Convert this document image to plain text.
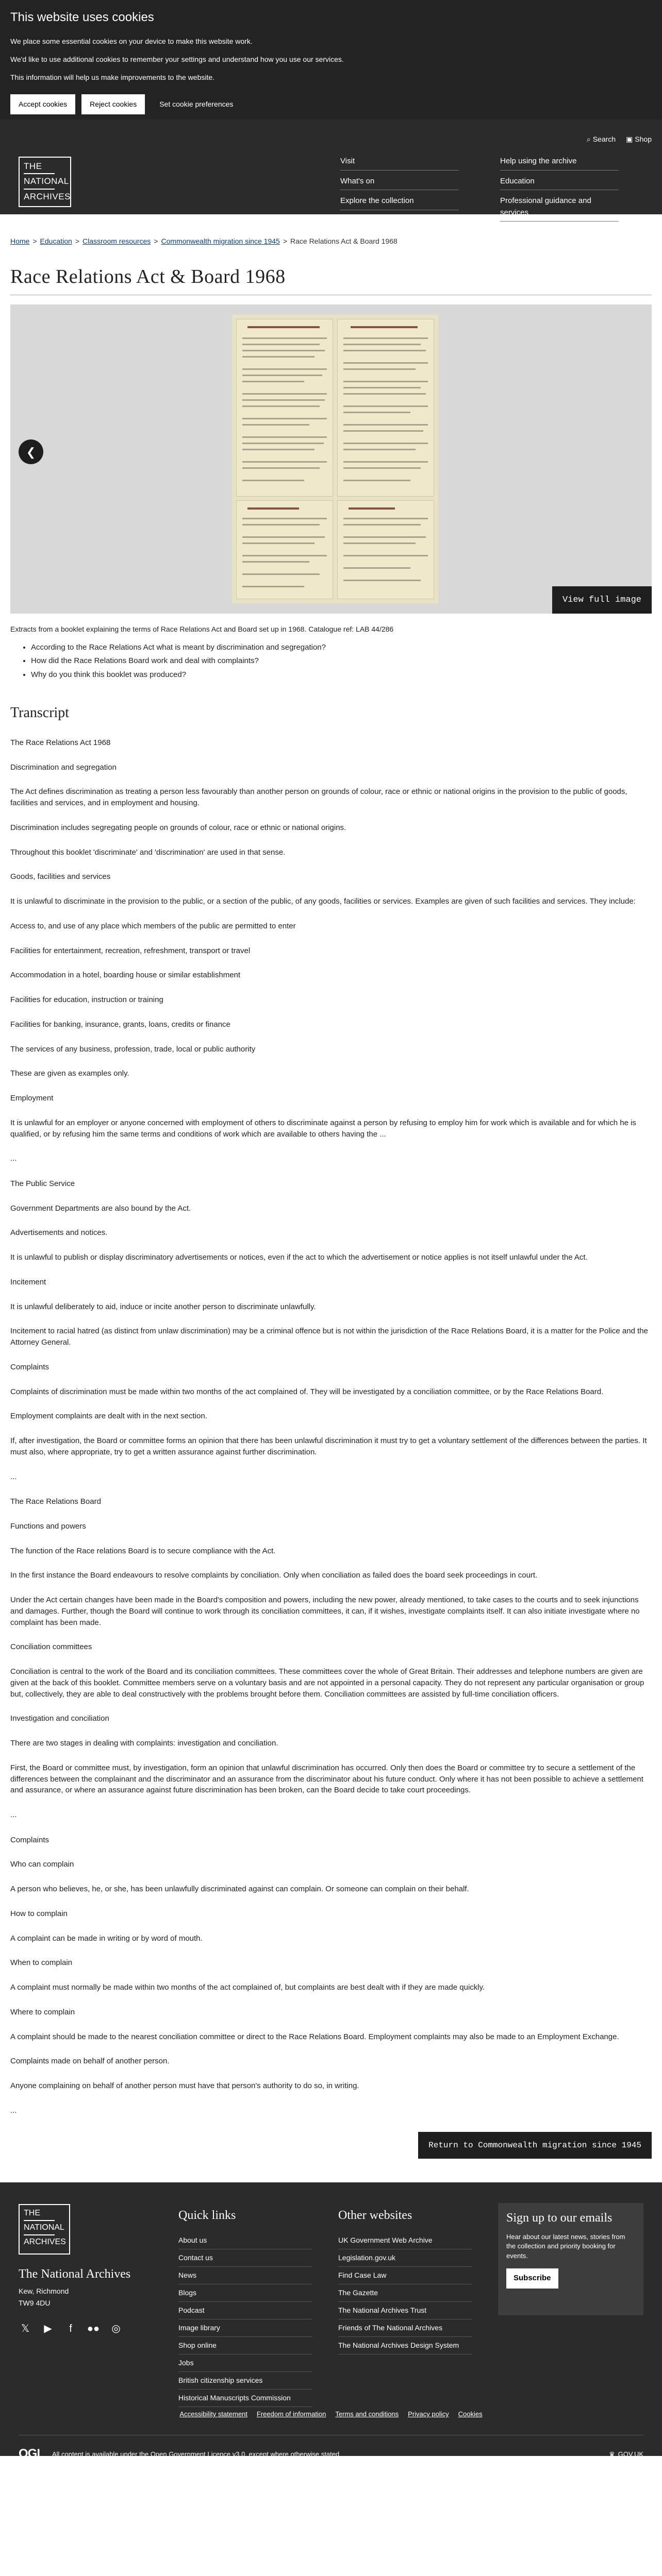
This website uses cookies

We place some essential cookies on your device to make this website work.

We'd like to use additional cookies to remember your settings and understand how you use our services.

This information will help us make improvements to the website.

Accept cookies	Reject cookies	Set cookie preferences
⌕ Search ▣ Shop
THE
NATIONAL
ARCHIVES
Visit
What's on
Explore the collection
Help using the archive
Education
Professional guidance and services
Home > Education > Classroom resources > Commonwealth migration since 1945 > Race Relations Act & Board 1968
Race Relations Act & Board 1968
❮
View full image

Extracts from a booklet explaining the terms of Race Relations Act and Board set up in 1968. Catalogue ref: LAB 44/286

• According to the Race Relations Act what is meant by discrimination and segregation?
• How did the Race Relations Board work and deal with complaints?
• Why do you think this booklet was produced?
Transcript

The Race Relations Act 1968

Discrimination and segregation

The Act defines discrimination as treating a person less favourably than another person on grounds of colour, race or ethnic or national origins in the provision to the public of goods, facilities and services, and in employment and housing.

Discrimination includes segregating people on grounds of colour, race or ethnic or national origins.

Throughout this booklet 'discriminate' and 'discrimination' are used in that sense.

Goods, facilities and services

It is unlawful to discriminate in the provision to the public, or a section of the public, of any goods, facilities or services. Examples are given of such facilities and services. They include:

Access to, and use of any place which members of the public are permitted to enter

Facilities for entertainment, recreation, refreshment, transport or travel

Accommodation in a hotel, boarding house or similar establishment

Facilities for education, instruction or training

Facilities for banking, insurance, grants, loans, credits or finance

The services of any business, profession, trade, local or public authority

These are given as examples only.

Employment

It is unlawful for an employer or anyone concerned with employment of others to discriminate against a person by refusing to employ him for work which is available and for which he is qualified, or by refusing him the same terms and conditions of work which are available to others having the ...

...

The Public Service

Government Departments are also bound by the Act.

Advertisements and notices.

It is unlawful to publish or display discriminatory advertisements or notices, even if the act to which the advertisement or notice applies is not itself unlawful under the Act.

Incitement

It is unlawful deliberately to aid, induce or incite another person to discriminate unlawfully.

Incitement to racial hatred (as distinct from unlaw discrimination) may be a criminal offence but is not within the jurisdiction of the Race Relations Board, it is a matter for the Police and the Attorney General.

Complaints

Complaints of discrimination must be made within two months of the act complained of. They will be investigated by a conciliation committee, or by the Race Relations Board.

Employment complaints are dealt with in the next section.

If, after investigation, the Board or committee forms an opinion that there has been unlawful discrimination it must try to get a voluntary settlement of the differences between the parties. It must also, where appropriate, try to get a written assurance against further discrimination.

...

The Race Relations Board

Functions and powers

The function of the Race relations Board is to secure compliance with the Act.

In the first instance the Board endeavours to resolve complaints by conciliation. Only when conciliation as failed does the board seek proceedings in court.

Under the Act certain changes have been made in the Board's composition and powers, including the new power, already mentioned, to take cases to the courts and to seek injunctions and damages. Further, though the Board will continue to work through its conciliation committees, it can, if it wishes, investigate complaints itself. It can also initiate investigate where no complaint has been made.

Conciliation committees

Conciliation is central to the work of the Board and its conciliation committees. These committees cover the whole of Great Britain. Their addresses and telephone numbers are given are given at the back of this booklet. Committee members serve on a voluntary basis and are not appointed in a personal capacity. They do not represent any particular organisation or group but, collectively, they are able to deal constructively with the problems brought before them. Conciliation committees are assisted by full-time conciliation officers.

Investigation and conciliation

There are two stages in dealing with complaints: investigation and conciliation.

First, the Board or committee must, by investigation, form an opinion that unlawful discrimination has occurred. Only then does the Board or committee try to secure a settlement of the differences between the complainant and the discriminator and an assurance from the discriminator about his future conduct. Only where it has not been possible to achieve a settlement and assurance, or where an assurance against future discrimination has been broken, can the Board decide to take court proceedings.

...

Complaints

Who can complain

A person who believes, he, or she, has been unlawfully discriminated against can complain. Or someone can complain on their behalf.

How to complain

A complaint can be made in writing or by word of mouth.

When to complain

A complaint must normally be made within two months of the act complained of, but complaints are best dealt with if they are made quickly.

Where to complain

A complaint should be made to the nearest conciliation committee or direct to the Race Relations Board. Employment complaints may also be made to an Employment Exchange.

Complaints made on behalf of another person.

Anyone complaining on behalf of another person must have that person's authority to do so, in writing.

...

Return to Commonwealth migration since 1945
THE
NATIONAL
ARCHIVES
The National Archives
Kew, Richmond
TW9 4DU
𝕏 ▶	f	●● ◎
Quick links
About us
Contact us
News
Blogs
Podcast
Image library
Shop online
Jobs
British citizenship services
Historical Manuscripts Commission
Other websites
UK Government Web Archive
Legislation.gov.uk
Find Case Law
The Gazette
The National Archives Trust
Friends of The National Archives
The National Archives Design System
Sign up to our emails

Hear about our latest news, stories from the collection and priority booking for events.

Subscribe
Accessibility statement Freedom of information Terms and conditions Privacy policy Cookies
OGL All content is available under the Open Government Licence v3.0, except where otherwise stated	♛ GOV.UK
